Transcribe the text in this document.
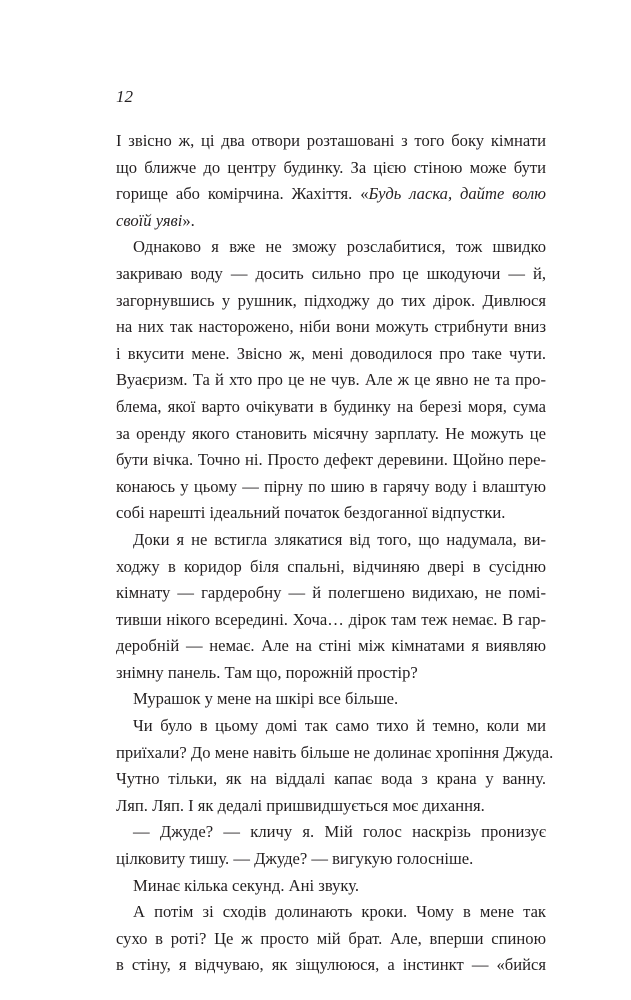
12
І звісно ж, ці два отвори розташовані з того боку кімнати
що ближче до центру будинку. За цією стіною може бути
горище або комірчина. Жахіття. «Будь ласка, дайте волю
своїй уяві».
Однаково я вже не зможу розслабитися, тож швидко
закриваю воду — досить сильно про це шкодуючи — й,
загорнувшись у рушник, підходжу до тих дірок. Дивлюся
на них так насторожено, ніби вони можуть стрибнути вниз
і вкусити мене. Звісно ж, мені доводилося про таке чути.
Вуаєризм. Та й хто про це не чув. Але ж це явно не та про-
блема, якої варто очікувати в будинку на березі моря, сума
за оренду якого становить місячну зарплату. Не можуть це
бути вічка. Точно ні. Просто дефект деревини. Щойно пере-
конаюсь у цьому — пірну по шию в гарячу воду і влаштую
собі нарешті ідеальний початок бездоганної відпустки.
Доки я не встигла злякатися від того, що надумала, ви-
ходжу в коридор біля спальні, відчиняю двері в сусідню
кімнату — гардеробну — й полегшено видихаю, не помі-
тивши нікого всередині. Хоча… дірок там теж немає. В гар-
деробній — немає. Але на стіні між кімнатами я виявляю
знімну панель. Там що, порожній простір?
Мурашок у мене на шкірі все більше.
Чи було в цьому домі так само тихо й темно, коли ми
приїхали? До мене навіть більше не долинає хропіння Джуда.
Чутно тільки, як на віддалі капає вода з крана у ванну.
Ляп. Ляп. І як дедалі пришвидшується моє дихання.
— Джуде? — кличу я. Мій голос наскрізь пронизує
цілковиту тишу. — Джуде? — вигукую голосніше.
Минає кілька секунд. Ані звуку.
А потім зі сходів долинають кроки. Чому в мене так
сухо в роті? Це ж просто мій брат. Але, вперши спиною
в стіну, я відчуваю, як зіщулююся, а інстинкт — «бийся
